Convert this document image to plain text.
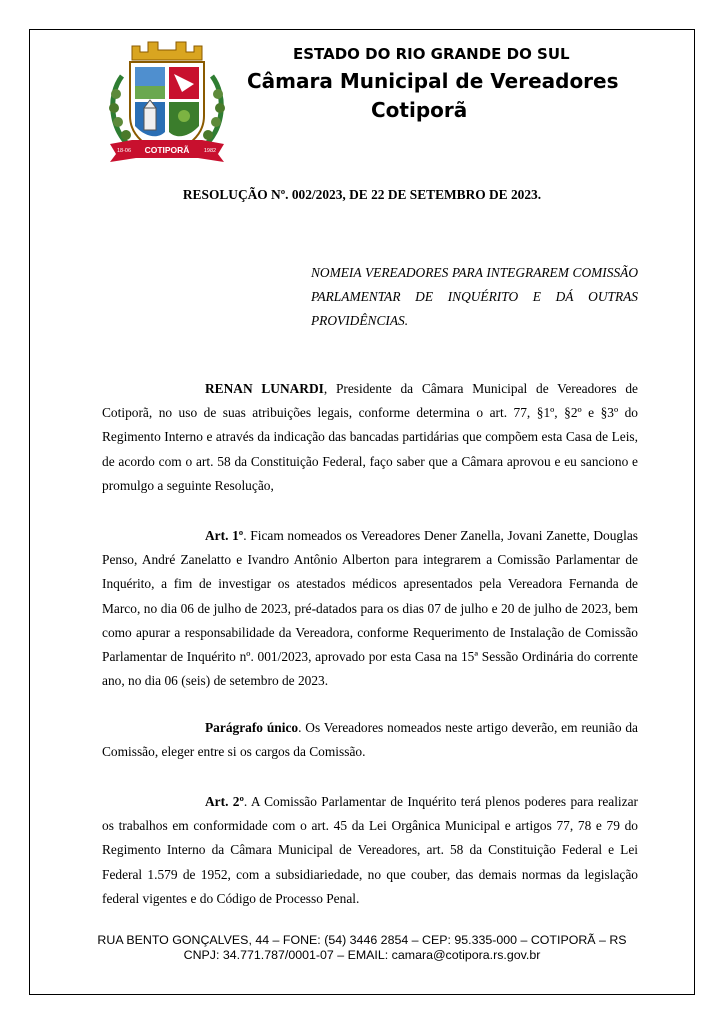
COTIPORÃ
18-06	1982
ESTADO DO RIO GRANDE DO SUL
Câmara Municipal de Vereadores
Cotiporã
RESOLUÇÃO Nº. 002/2023, DE 22 DE SETEMBRO DE 2023.
NOMEIA VEREADORES PARA INTEGRAREM COMISSÃO PARLAMENTAR DE INQUÉRITO E DÁ OUTRAS PROVIDÊNCIAS.

RENAN LUNARDI, Presidente da Câmara Municipal de Vereadores de Cotiporã, no uso de suas atribuições legais, conforme determina o art. 77, §1º, §2º e §3º do Regimento Interno e através da indicação das bancadas partidárias que compõem esta Casa de Leis, de acordo com o art. 58 da Constituição Federal, faço saber que a Câmara aprovou e eu sanciono e promulgo a seguinte Resolução,

Art. 1º. Ficam nomeados os Vereadores Dener Zanella, Jovani Zanette, Douglas Penso, André Zanelatto e Ivandro Antônio Alberton para integrarem a Comissão Parlamentar de Inquérito, a fim de investigar os atestados médicos apresentados pela Vereadora Fernanda de Marco, no dia 06 de julho de 2023, pré-datados para os dias 07 de julho e 20 de julho de 2023, bem como apurar a responsabilidade da Vereadora, conforme Requerimento de Instalação de Comissão Parlamentar de Inquérito nº. 001/2023, aprovado por esta Casa na 15ª Sessão Ordinária do corrente ano, no dia 06 (seis) de setembro de 2023.

Parágrafo único. Os Vereadores nomeados neste artigo deverão, em reunião da Comissão, eleger entre si os cargos da Comissão.

Art. 2º. A Comissão Parlamentar de Inquérito terá plenos poderes para realizar os trabalhos em conformidade com o art. 45 da Lei Orgânica Municipal e artigos 77, 78 e 79 do Regimento Interno da Câmara Municipal de Vereadores, art. 58 da Constituição Federal e Lei Federal 1.579 de 1952, com a subsidiariedade, no que couber, das demais normas da legislação federal vigentes e do Código de Processo Penal.

RUA BENTO GONÇALVES, 44 – FONE: (54) 3446 2854 – CEP: 95.335-000 – COTIPORÃ – RS
CNPJ: 34.771.787/0001-07 – EMAIL: camara@cotipora.rs.gov.br
